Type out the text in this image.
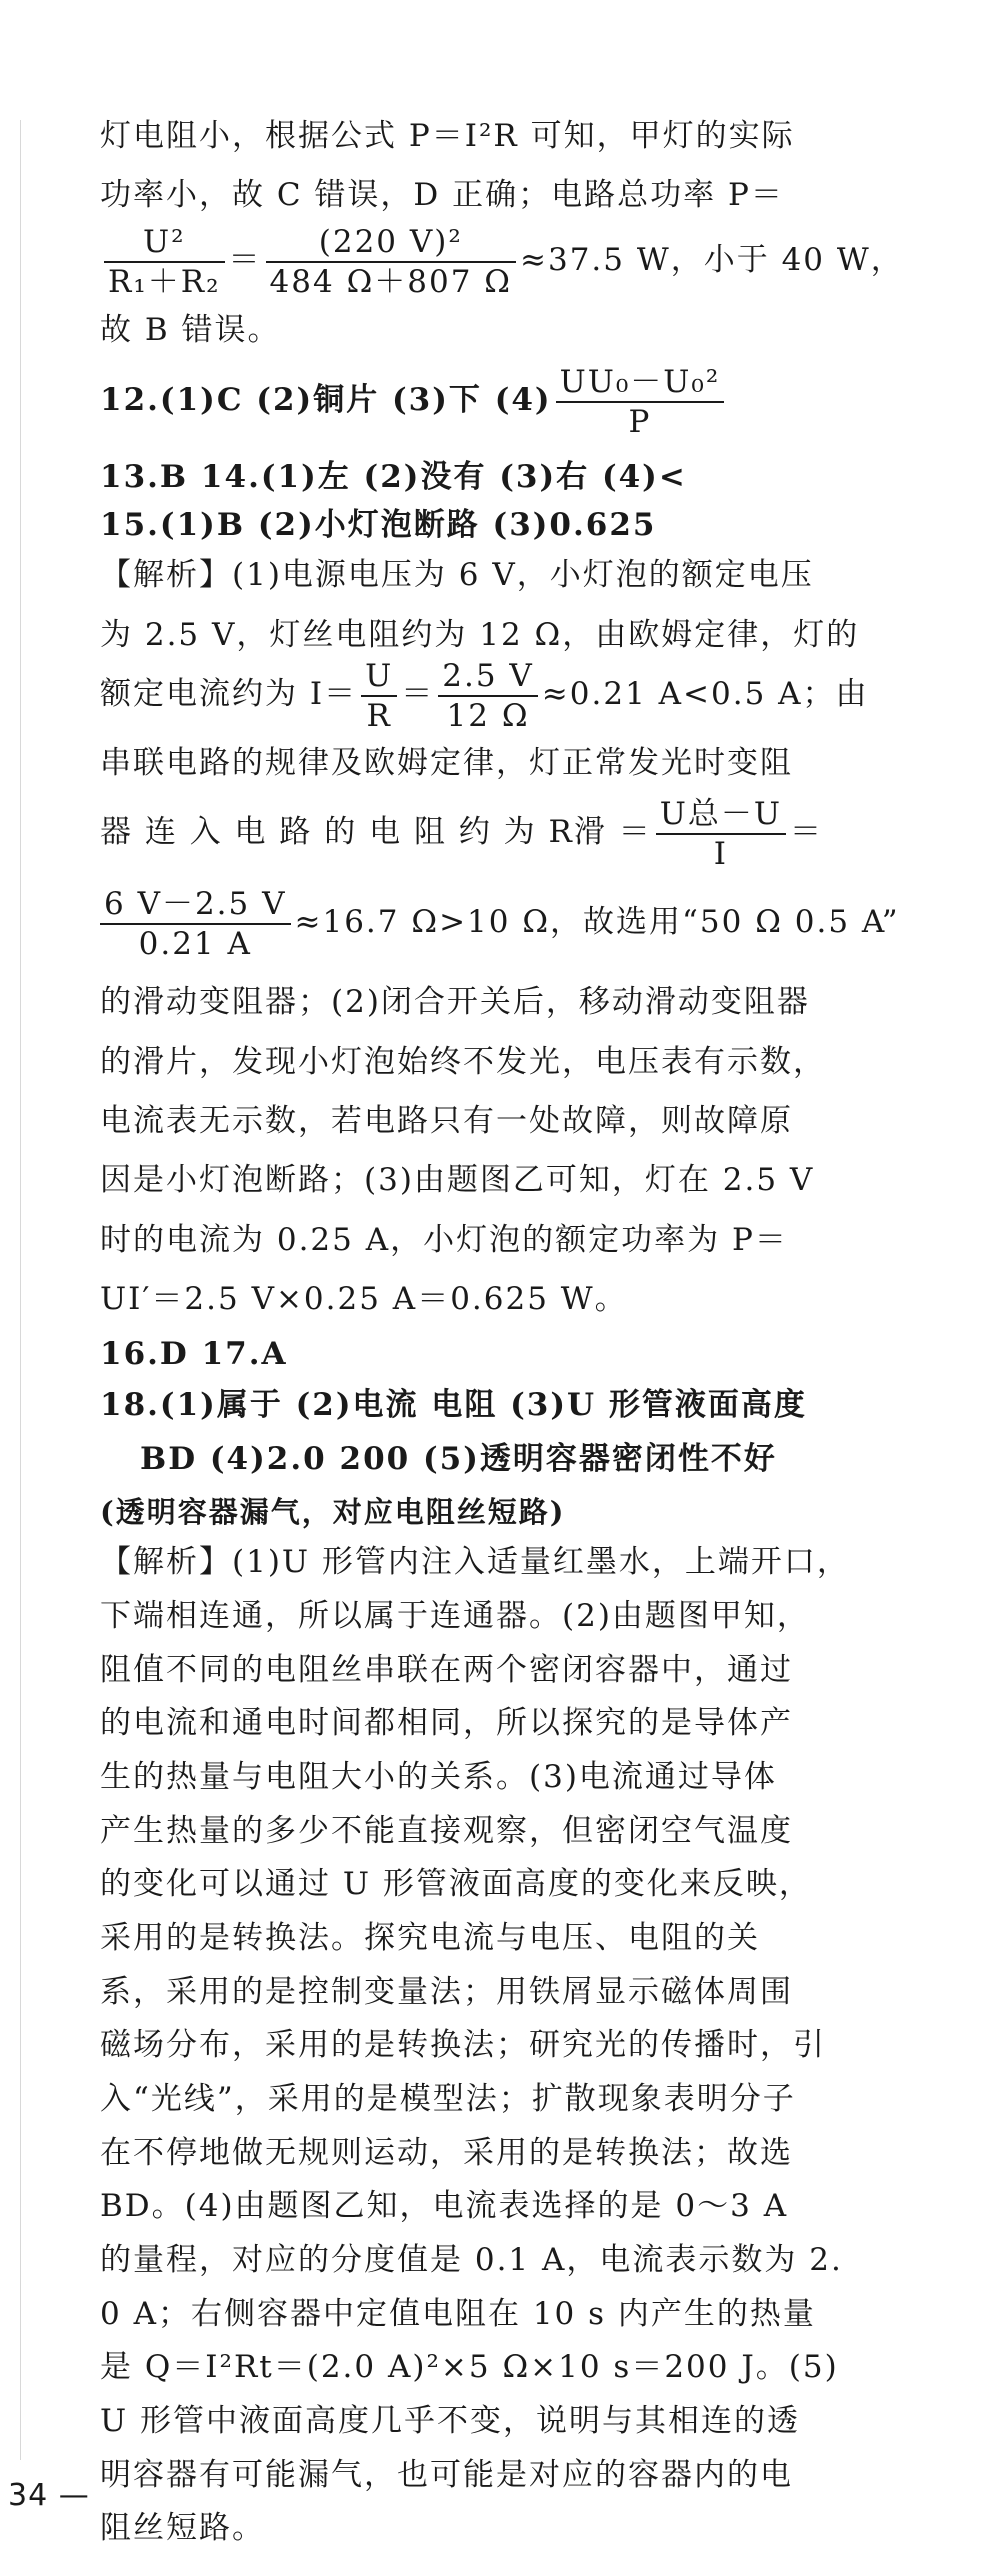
灯电阻小，根据公式 P＝I²R 可知，甲灯的实际
功率小，故 C 错误，D 正确；电路总功率 P＝
$\frac{\text{U²}}{\text{R₁＋R₂}} = \frac{\text{(220 V)²}}{484 \Omega+807 \Omega} \approx 37.5$ W，小于 40 W，
故 B 错误。
12.(1)C (2)铜片 (3)下 $(4) \frac{\text{UU₀－U₀²}}{P}$
13.B 14.(1)左 (2)没有 (3)右 (4)<
15.(1)B (2)小灯泡断路 (3)0.625
【解析】(1)电源电压为 6 V，小灯泡的额定电压
为 2.5 V，灯丝电阻约为 12 Ω，由欧姆定律，灯的
额定电流约为 $I= \frac{U}{R} = \frac{2.5 V}{12 \Omega} \approx 0.21$ A<0.5 A；由
串联电路的规律及欧姆定律，灯正常发光时变阻
器 连 入 电 路 的 电 阻 约 为 R滑 ＝ $\frac{\text{U总－U}}{I}$ ＝
$\frac{6 V-2.5 V}{0.21 A} \approx 16.7$ Ω>10 Ω，故选用“50 Ω 0.5 A”
的滑动变阻器；(2)闭合开关后，移动滑动变阻器
的滑片，发现小灯泡始终不发光，电压表有示数，
电流表无示数，若电路只有一处故障，则故障原
因是小灯泡断路；(3)由题图乙可知，灯在 2.5 V
时的电流为 0.25 A，小灯泡的额定功率为 P＝
UI′＝2.5 V×0.25 A＝0.625 W。
16.D 17.A
18.(1)属于 (2)电流 电阻 (3)U 形管液面高度
BD (4)2.0 200 (5)透明容器密闭性不好
(透明容器漏气，对应电阻丝短路)
【解析】(1)U 形管内注入适量红墨水，上端开口，
下端相连通，所以属于连通器。(2)由题图甲知，
阻值不同的电阻丝串联在两个密闭容器中，通过
的电流和通电时间都相同，所以探究的是导体产
生的热量与电阻大小的关系。(3)电流通过导体
产生热量的多少不能直接观察，但密闭空气温度
的变化可以通过 U 形管液面高度的变化来反映，
采用的是转换法。探究电流与电压、电阻的关
系，采用的是控制变量法；用铁屑显示磁体周围
磁场分布，采用的是转换法；研究光的传播时，引
入“光线”，采用的是模型法；扩散现象表明分子
在不停地做无规则运动，采用的是转换法；故选
BD。(4)由题图乙知，电流表选择的是 0～3 A
的量程，对应的分度值是 0.1 A，电流表示数为 2.
0 A；右侧容器中定值电阻在 10 s 内产生的热量
是 Q＝I²Rt＝(2.0 A)²×5 Ω×10 s＝200 J。(5)
U 形管中液面高度几乎不变，说明与其相连的透
明容器有可能漏气，也可能是对应的容器内的电
阻丝短路。
34 —
